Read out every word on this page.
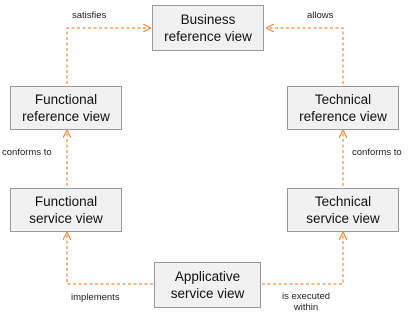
Business
reference view
Functional
reference view
Technical
reference view
Functional
service view
Technical
service view
Applicative
service view
satisfies	allows
conforms to	conforms to
implements	is executed
within
